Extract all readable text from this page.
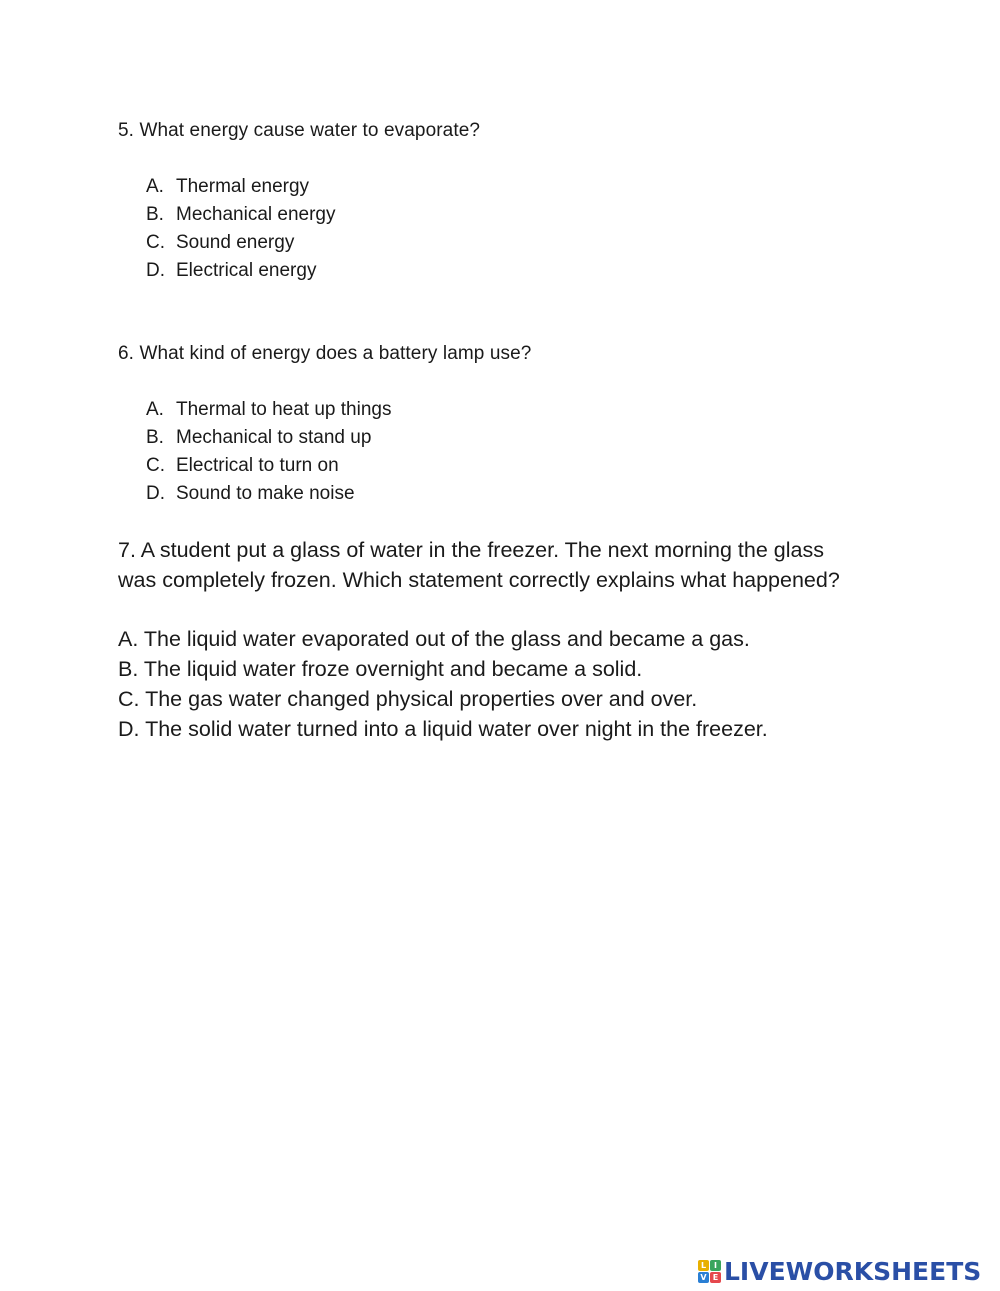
5. What energy cause water to evaporate?
A. Thermal energy
B. Mechanical energy
C. Sound energy
D. Electrical energy
6. What kind of energy does a battery lamp use?
A. Thermal to heat up things
B. Mechanical to stand up
C. Electrical to turn on
D. Sound to make noise
7. A student put a glass of water in the freezer. The next morning the glass
was completely frozen. Which statement correctly explains what happened?
A. The liquid water evaporated out of the glass and became a gas.
B. The liquid water froze overnight and became a solid.
C. The gas water changed physical properties over and over.
D. The solid water turned into a liquid water over night in the freezer.
L I
V E LIVEWORKSHEETS
